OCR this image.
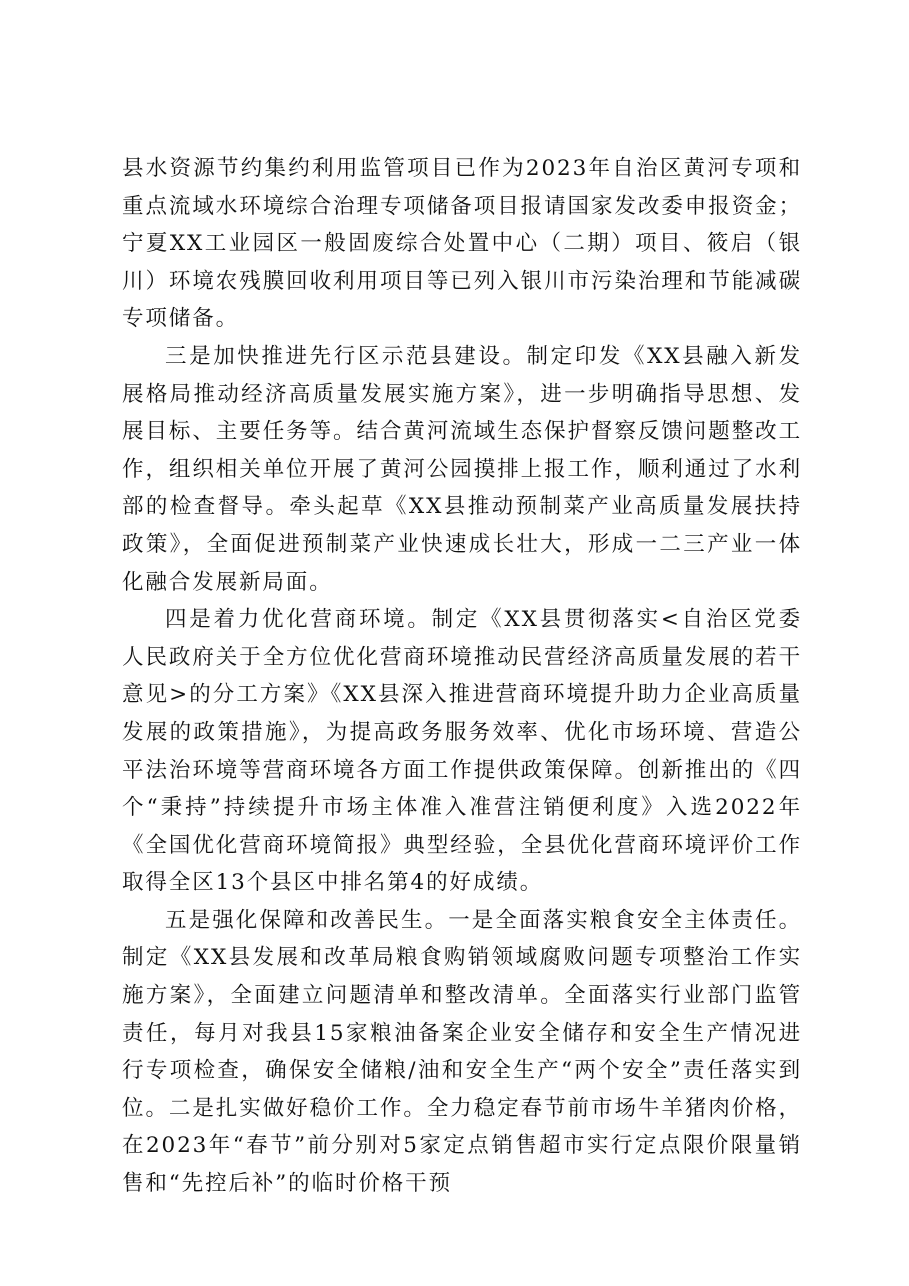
县水资源节约集约利用监管项目已作为2023年自治区黄河专项和重点流域水环境综合治理专项储备项目报请国家发改委申报资金；宁夏XX工业园区一般固废综合处置中心（二期）项目、筱启（银川）环境农残膜回收利用项目等已列入银川市污染治理和节能减碳专项储备。

三是加快推进先行区示范县建设。制定印发《XX县融入新发展格局推动经济高质量发展实施方案》，进一步明确指导思想、发展目标、主要任务等。结合黄河流域生态保护督察反馈问题整改工作，组织相关单位开展了黄河公园摸排上报工作，顺利通过了水利部的检查督导。牵头起草《XX县推动预制菜产业高质量发展扶持政策》，全面促进预制菜产业快速成长壮大，形成一二三产业一体化融合发展新局面。

四是着力优化营商环境。制定《XX县贯彻落实<自治区党委人民政府关于全方位优化营商环境推动民营经济高质量发展的若干意见>的分工方案》《XX县深入推进营商环境提升助力企业高质量发展的政策措施》，为提高政务服务效率、优化市场环境、营造公平法治环境等营商环境各方面工作提供政策保障。创新推出的《四个“秉持”持续提升市场主体准入准营注销便利度》入选2022年《全国优化营商环境简报》典型经验，全县优化营商环境评价工作取得全区13个县区中排名第4的好成绩。

五是强化保障和改善民生。一是全面落实粮食安全主体责任。制定《XX县发展和改革局粮食购销领域腐败问题专项整治工作实施方案》，全面建立问题清单和整改清单。全面落实行业部门监管责任，每月对我县15家粮油备案企业安全储存和安全生产情况进行专项检查，确保安全储粮/油和安全生产“两个安全”责任落实到位。二是扎实做好稳价工作。全力稳定春节前市场牛羊猪肉价格，在2023年“春节”前分别对5家定点销售超市实行定点限价限量销售和“先控后补”的临时价格干预
